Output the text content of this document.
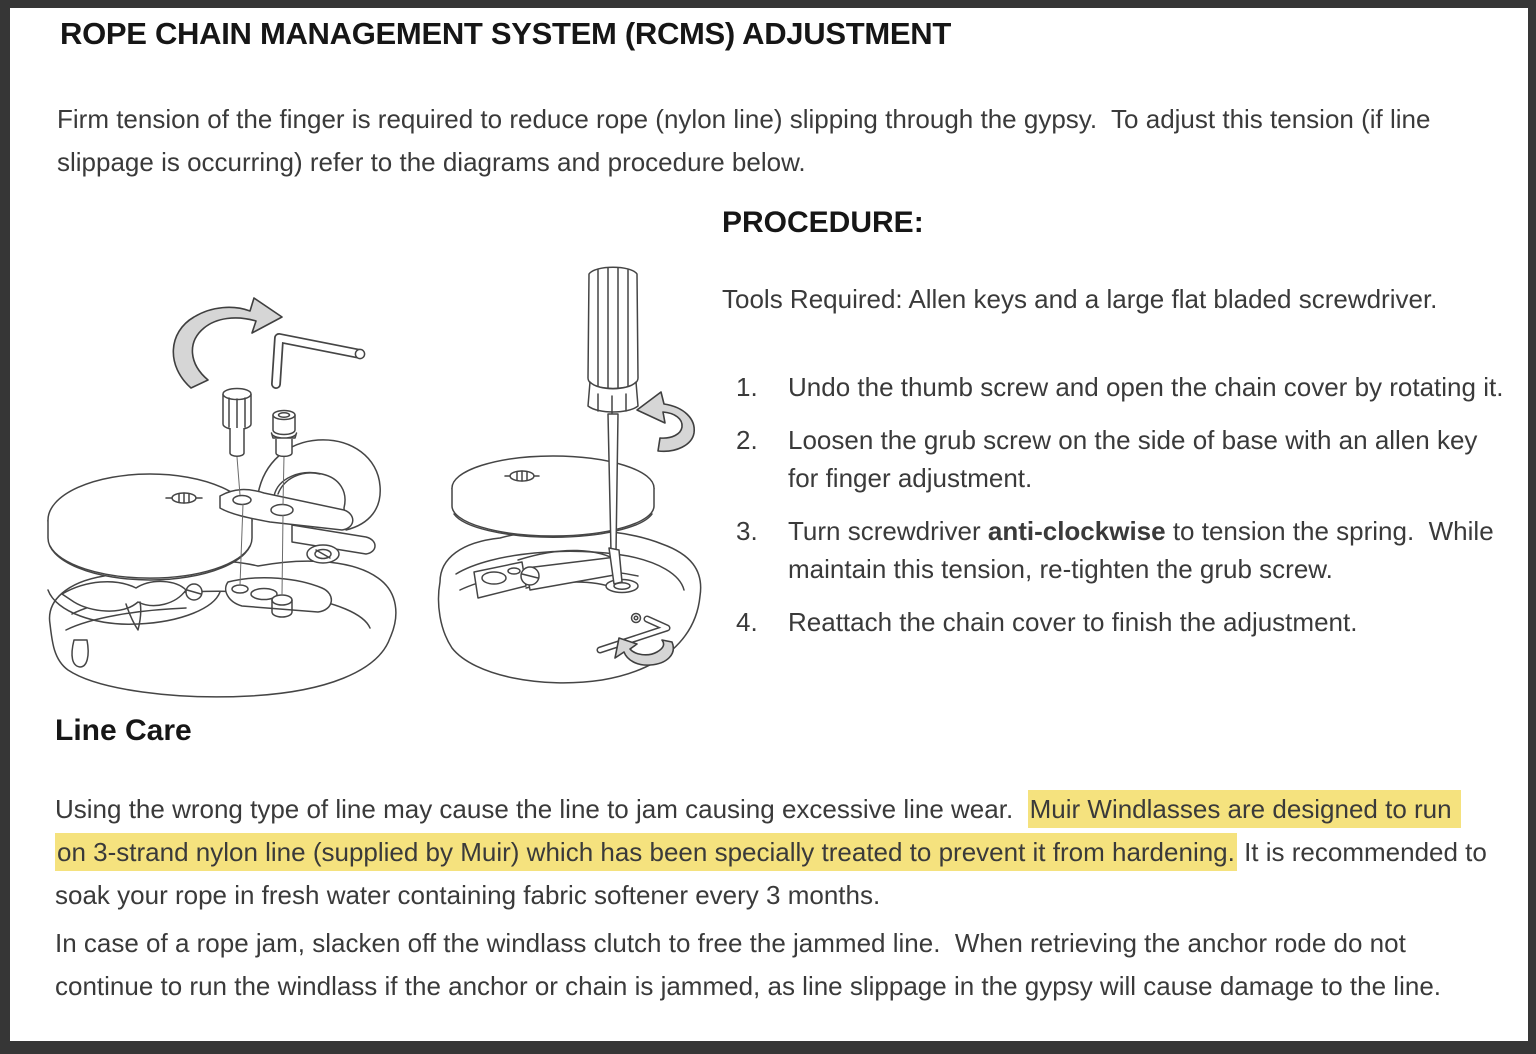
ROPE CHAIN MANAGEMENT SYSTEM (RCMS) ADJUSTMENT
Firm tension of the finger is required to reduce rope (nylon line) slipping through the gypsy.  To adjust this tension (if line slippage is occurring) refer to the diagrams and procedure below.
PROCEDURE:
Tools Required: Allen keys and a large flat bladed screwdriver.
1.	Undo the thumb screw and open the chain cover by rotating it.
2.	Loosen the grub screw on the side of base with an allen key for finger adjustment.
3.	Turn screwdriver anti-clockwise to tension the spring.  While maintain this tension, re-tighten the grub screw.
4.	Reattach the chain cover to finish the adjustment.
Line Care
Using the wrong type of line may cause the line to jam causing excessive line wear.  Muir Windlasses are designed to run on 3-strand nylon line (supplied by Muir) which has been specially treated to prevent it from hardening. It is recommended to soak your rope in fresh water containing fabric softener every 3 months.
In case of a rope jam, slacken off the windlass clutch to free the jammed line.  When retrieving the anchor rode do not continue to run the windlass if the anchor or chain is jammed, as line slippage in the gypsy will cause damage to the line.
